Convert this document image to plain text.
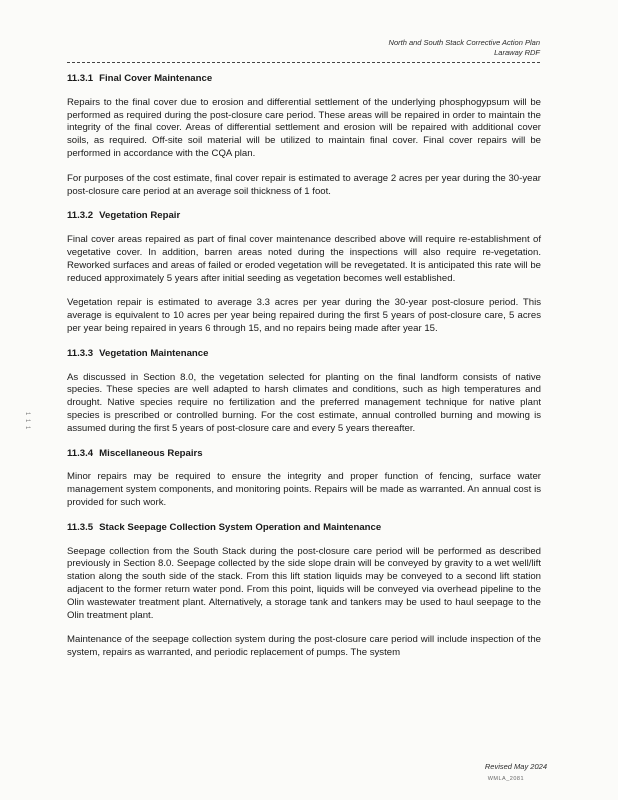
North and South Stack Corrective Action Plan
Laraway RDF
1 1 1
11.3.1 Final Cover Maintenance

Repairs to the final cover due to erosion and differential settlement of the underlying phosphogypsum will be performed as required during the post-closure care period. These areas will be repaired in order to maintain the integrity of the final cover. Areas of differential settlement and erosion will be repaired with additional cover soils, as required. Off-site soil material will be utilized to maintain final cover. Final cover repairs will be performed in accordance with the CQA plan.

For purposes of the cost estimate, final cover repair is estimated to average 2 acres per year during the 30-year post-closure care period at an average soil thickness of 1 foot.

11.3.2 Vegetation Repair

Final cover areas repaired as part of final cover maintenance described above will require re-establishment of vegetative cover. In addition, barren areas noted during the inspections will also require re-vegetation. Reworked surfaces and areas of failed or eroded vegetation will be revegetated. It is anticipated this rate will be reduced approximately 5 years after initial seeding as vegetation becomes well established.

Vegetation repair is estimated to average 3.3 acres per year during the 30-year post-closure period. This average is equivalent to 10 acres per year being repaired during the first 5 years of post-closure care, 5 acres per year being repaired in years 6 through 15, and no repairs being made after year 15.

11.3.3 Vegetation Maintenance

As discussed in Section 8.0, the vegetation selected for planting on the final landform consists of native species. These species are well adapted to harsh climates and conditions, such as high temperatures and drought. Native species require no fertilization and the preferred management technique for native plant species is prescribed or controlled burning. For the cost estimate, annual controlled burning and mowing is assumed during the first 5 years of post-closure care and every 5 years thereafter.

11.3.4 Miscellaneous Repairs

Minor repairs may be required to ensure the integrity and proper function of fencing, surface water management system components, and monitoring points. Repairs will be made as warranted. An annual cost is provided for such work.

11.3.5 Stack Seepage Collection System Operation and Maintenance

Seepage collection from the South Stack during the post-closure care period will be performed as described previously in Section 8.0. Seepage collected by the side slope drain will be conveyed by gravity to a wet well/lift station along the south side of the stack. From this lift station liquids may be conveyed to a second lift station adjacent to the former return water pond. From this point, liquids will be conveyed via overhead pipeline to the Olin wastewater treatment plant. Alternatively, a storage tank and tankers may be used to haul seepage to the Olin treatment plant.

Maintenance of the seepage collection system during the post-closure care period will include inspection of the system, repairs as warranted, and periodic replacement of pumps. The system

Revised May 2024
WMLA_2081
